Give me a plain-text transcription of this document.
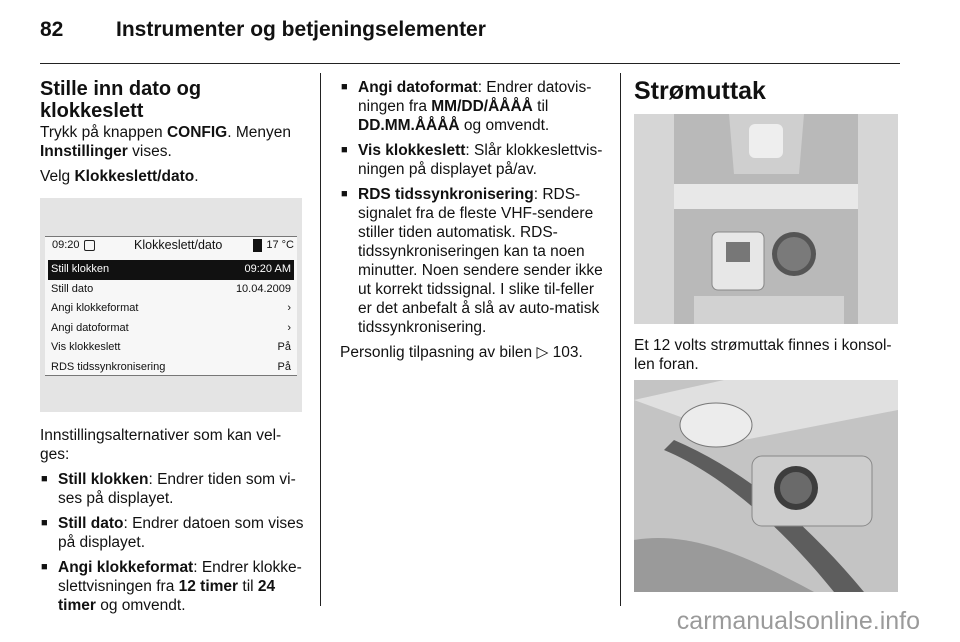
82	Instrumenter og betjeningselementer
Stille inn dato og klokkeslett

Trykk på knappen CONFIG. Menyen Innstillinger vises.

Velg Klokkeslett/dato.

09:20	Klokkeslett/dato	17 °C
Still klokken	09:20 AM
Still dato	10.04.2009
Angi klokkeformat	›
Angi datoformat	›
Vis klokkeslett	På
RDS tidssynkronisering	På

Innstillingsalternativer som kan vel-ges:

■ Still klokken: Endrer tiden som vi-ses på displayet.
■ Still dato: Endrer datoen som vises på displayet.
■ Angi klokkeformat: Endrer klokke-slettvisningen fra 12 timer til 24 timer og omvendt.
■ Angi datoformat: Endrer datovis-ningen fra MM/DD/ÅÅÅÅ til DD.MM.ÅÅÅÅ og omvendt.
■ Vis klokkeslett: Slår klokkeslettvis-ningen på displayet på/av.
■ RDS tidssynkronisering: RDS-signalet fra de fleste VHF-sendere stiller tiden automatisk. RDS-tidssynkroniseringen kan ta noen minutter. Noen sendere sender ikke ut korrekt tidssignal. I slike til-feller er det anbefalt å slå av auto-matisk tidssynkronisering.

Personlig tilpasning av bilen ▷ 103.

Strømuttak

Et 12 volts strømuttak finnes i konsol-len foran.

carmanualsonline.info
